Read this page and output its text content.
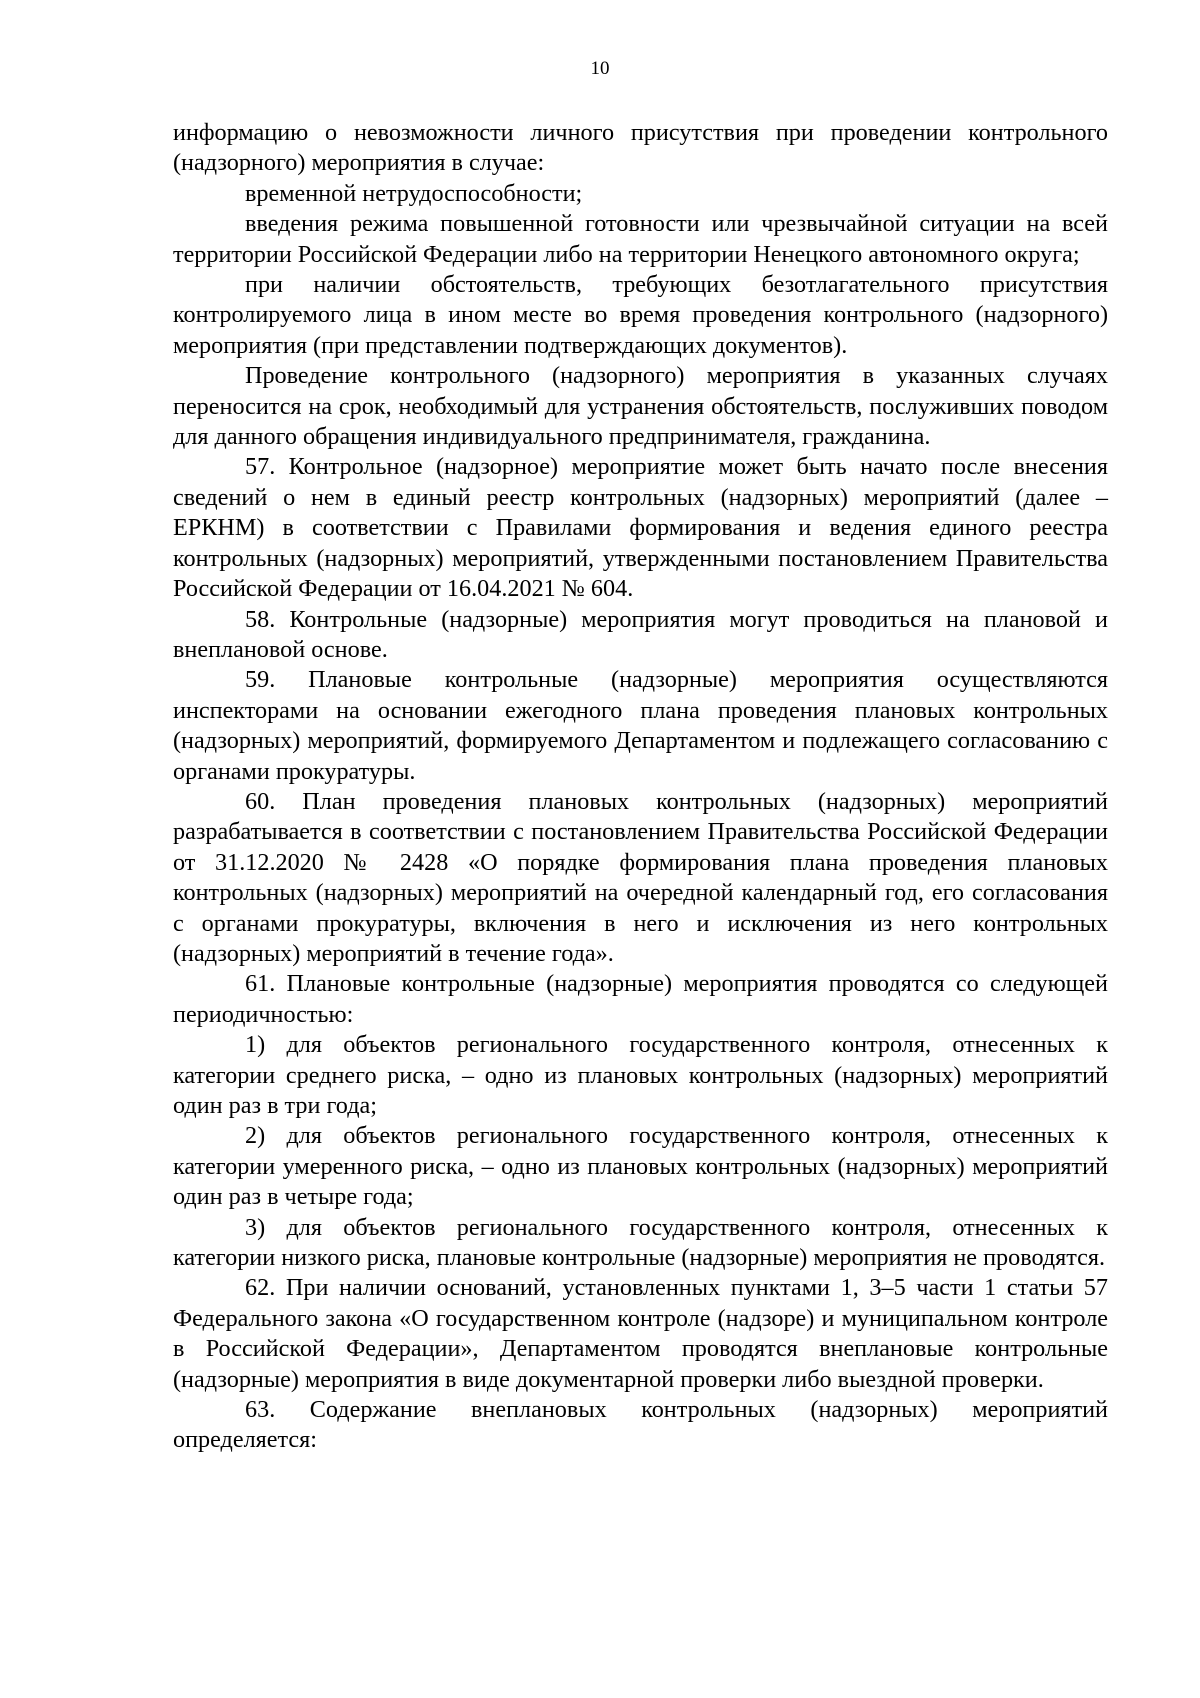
10

информацию о невозможности личного присутствия при проведении контрольного (надзорного) мероприятия в случае:

временной нетрудоспособности;

введения режима повышенной готовности или чрезвычайной ситуации на всей территории Российской Федерации либо на территории Ненецкого автономного округа;

при наличии обстоятельств, требующих безотлагательного присутствия контролируемого лица в ином месте во время проведения контрольного (надзорного) мероприятия (при представлении подтверждающих документов).

Проведение контрольного (надзорного) мероприятия в указанных случаях переносится на срок, необходимый для устранения обстоятельств, послуживших поводом для данного обращения индивидуального предпринимателя, гражданина.

57. Контрольное (надзорное) мероприятие может быть начато после внесения сведений о нем в единый реестр контрольных (надзорных) мероприятий (далее – ЕРКНМ) в соответствии с Правилами формирования и ведения единого реестра контрольных (надзорных) мероприятий, утвержденными постановлением Правительства Российской Федерации от 16.04.2021 № 604.

58. Контрольные (надзорные) мероприятия могут проводиться на плановой и внеплановой основе.

59. Плановые контрольные (надзорные) мероприятия осуществляются инспекторами на основании ежегодного плана проведения плановых контрольных (надзорных) мероприятий, формируемого Департаментом и подлежащего согласованию с органами прокуратуры.

60. План проведения плановых контрольных (надзорных) мероприятий разрабатывается в соответствии с постановлением Правительства Российской Федерации от 31.12.2020 № 2428 «О порядке формирования плана проведения плановых контрольных (надзорных) мероприятий на очередной календарный год, его согласования с органами прокуратуры, включения в него и исключения из него контрольных (надзорных) мероприятий в течение года».

61. Плановые контрольные (надзорные) мероприятия проводятся со следующей периодичностью:

1) для объектов регионального государственного контроля, отнесенных к категории среднего риска, – одно из плановых контрольных (надзорных) мероприятий один раз в три года;

2) для объектов регионального государственного контроля, отнесенных к категории умеренного риска, – одно из плановых контрольных (надзорных) мероприятий один раз в четыре года;

3) для объектов регионального государственного контроля, отнесенных к категории низкого риска, плановые контрольные (надзорные) мероприятия не проводятся.

62. При наличии оснований, установленных пунктами 1, 3–5 части 1 статьи 57 Федерального закона «О государственном контроле (надзоре) и муниципальном контроле в Российской Федерации», Департаментом проводятся внеплановые контрольные (надзорные) мероприятия в виде документарной проверки либо выездной проверки.

63. Содержание внеплановых контрольных (надзорных) мероприятий определяется:
